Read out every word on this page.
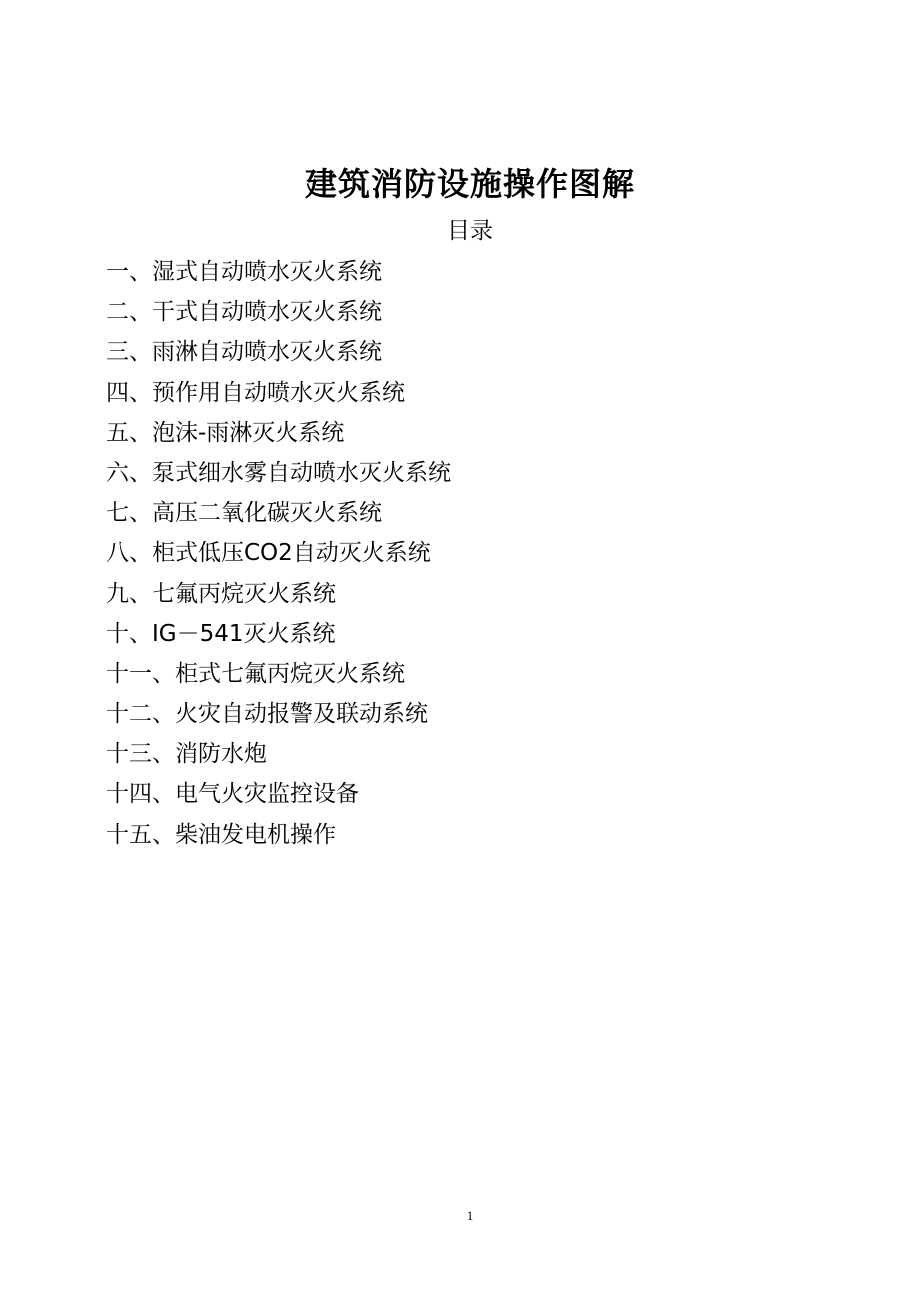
建筑消防设施操作图解
目录
一、湿式自动喷水灭火系统
二、干式自动喷水灭火系统
三、雨淋自动喷水灭火系统
四、预作用自动喷水灭火系统
五、泡沫-雨淋灭火系统
六、泵式细水雾自动喷水灭火系统
七、高压二氧化碳灭火系统
八、柜式低压CO2自动灭火系统
九、七氟丙烷灭火系统
十、IG－541灭火系统
十一、柜式七氟丙烷灭火系统
十二、火灾自动报警及联动系统
十三、消防水炮
十四、电气火灾监控设备
十五、柴油发电机操作
1
